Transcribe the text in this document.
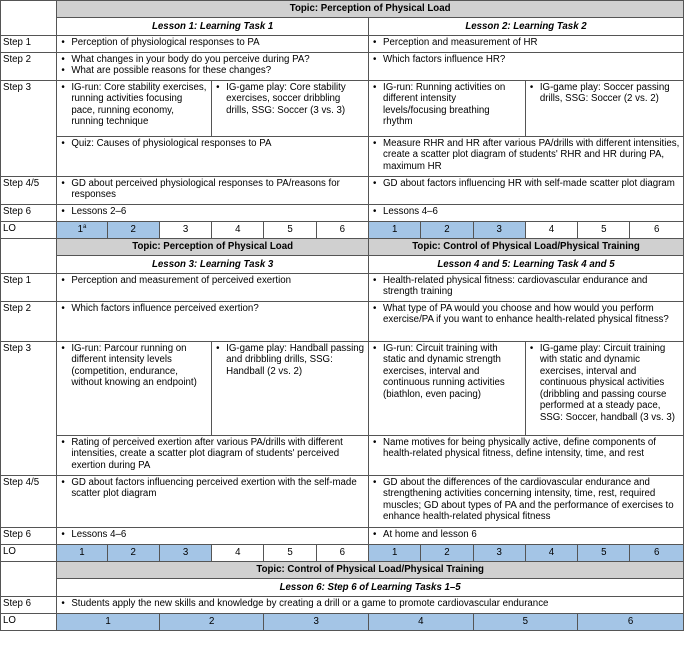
	Topic: Perception of Physical Load											
	Lesson 1: Learning Task 1						Lesson 2: Learning Task 2					
Step 1	• Perception of physiological responses to PA						• Perception and measurement of HR

Step 2	• What changes in your body do you perceive during PA?
• What are possible reasons for these changes?						• Which factors influence HR?

Step 3	• IG-run: Core stability exercises, running activities focusing pace, running economy, running technique			• IG-game play: Core stability exercises, soccer dribbling drills, SSG: Soccer (3 vs. 3)			• IG-run: Running activities on different intensity levels/focusing breathing rhythm			• IG-game play: Soccer passing drills, SSG: Soccer (2 vs. 2)

	• Quiz: Causes of physiological responses to PA						• Measure RHR and HR after various PA/drills with different intensities, create a scatter plot diagram of students' RHR and HR during PA, maximum HR

Step 4/5	• GD about perceived physiological responses to PA/reasons for responses						• GD about factors influencing HR with self-made scatter plot diagram

Step 6	• Lessons 2–6						• Lessons 4–6

LO	1$^a$	2	3	4	5	6	1	2	3	4	5	6
	Topic: Perception of Physical Load						Topic: Control of Physical Load/Physical Training					
	Lesson 3: Learning Task 3						Lesson 4 and 5: Learning Task 4 and 5					
Step 1	• Perception and measurement of perceived exertion						• Health-related physical fitness: cardiovascular endurance and strength training

Step 2	• Which factors influence perceived exertion?						• What type of PA would you choose and how would you perform exercise/PA if you want to enhance health-related physical fitness?

Step 3	• IG-run: Parcour running on different intensity levels (competition, endurance, without knowing an endpoint)			• IG-game play: Handball passing and dribbling drills, SSG: Handball (2 vs. 2)			• IG-run: Circuit training with static and dynamic strength exercises, interval and continuous running activities (biathlon, even pacing)			• IG-game play: Circuit training with static and dynamic exercises, interval and continuous physical activities (dribbling and passing course performed at a steady pace, SSG: Soccer, handball (3 vs. 3)

	• Rating of perceived exertion after various PA/drills with different intensities, create a scatter plot diagram of students' perceived exertion during PA						• Name motives for being physically active, define components of health-related physical fitness, define intensity, time, and rest

Step 4/5	• GD about factors influencing perceived exertion with the self-made scatter plot diagram						• GD about the differences of the cardiovascular endurance and strengthening activities concerning intensity, time, rest, required muscles; GD about types of PA and the performance of exercises to enhance health-related physical fitness

Step 6	• Lessons 4–6						• At home and lesson 6

LO	1	2	3	4	5	6	1	2	3	4	5	6
	Topic: Control of Physical Load/Physical Training											
	Lesson 6: Step 6 of Learning Tasks 1–5											
Step 6	• Students apply the new skills and knowledge by creating a drill or a game to promote cardiovascular endurance

LO	1		2		3		4		5		6	
